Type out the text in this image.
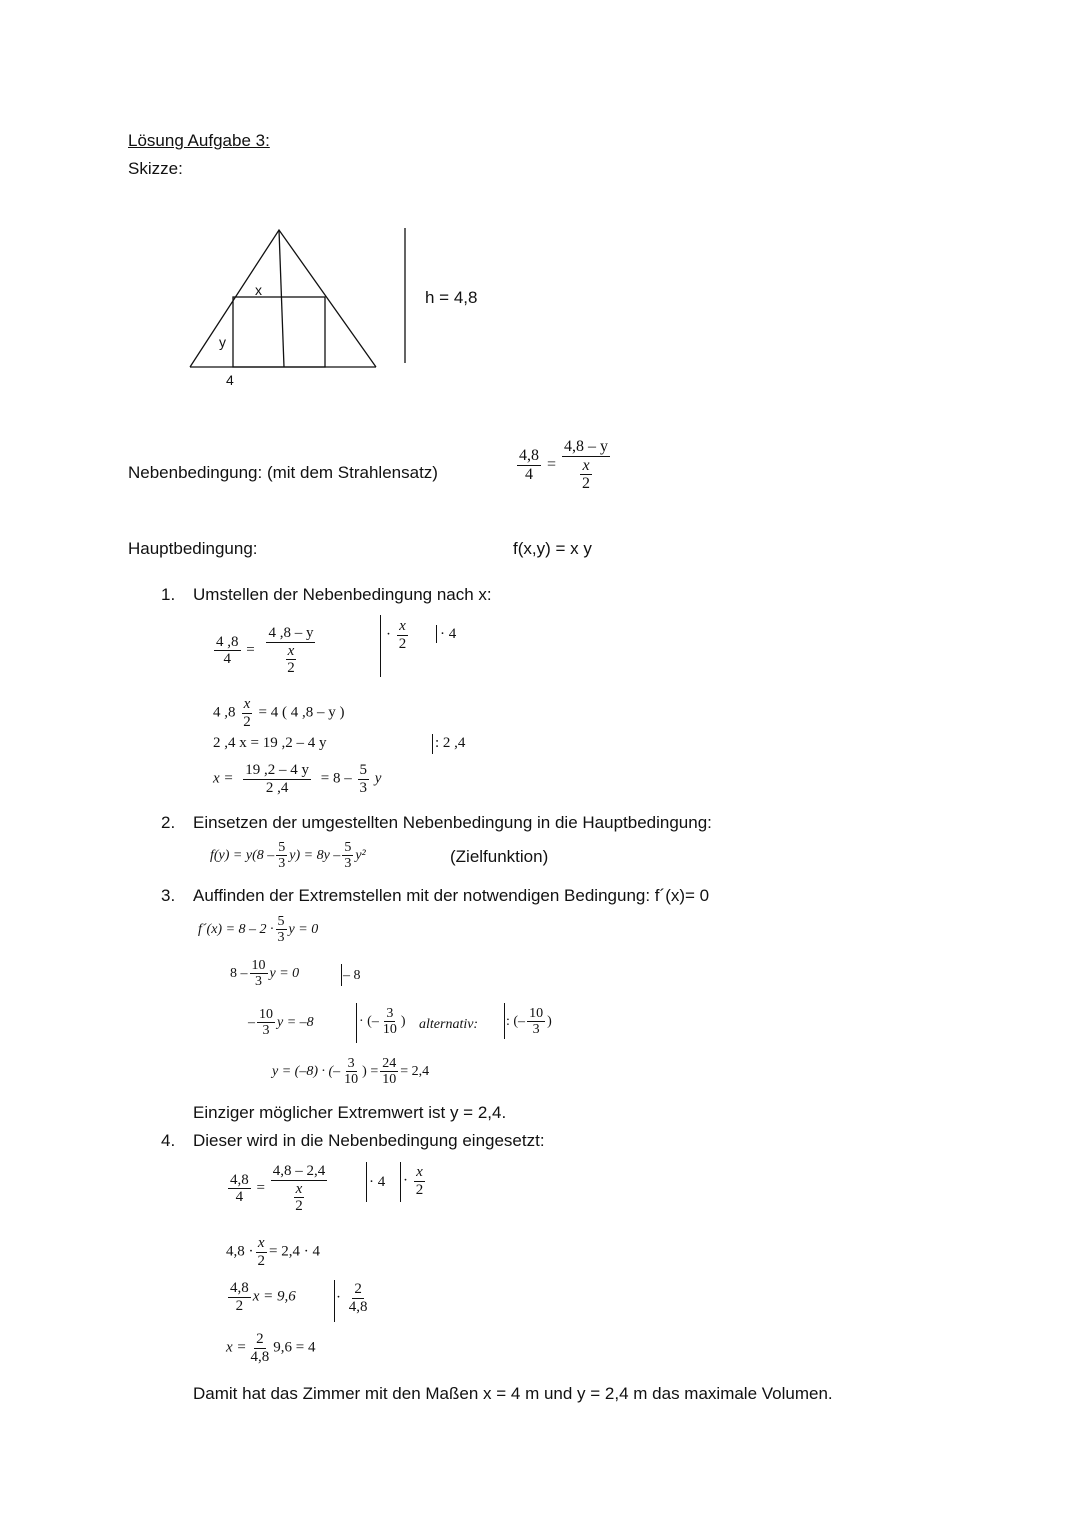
Lösung Aufgabe 3:
Skizze:
x
y
4
h = 4,8
Nebenbedingung: (mit dem Strahlensatz)	$\frac{4,8}{4} = \frac{4,8 - y}{\frac{x}{2}}$
Hauptbedingung:	f(x,y) = x y
1. Umstellen der Nebenbedingung nach x:
$\frac{4 ,8}{4} = \frac{4 ,8 - y}{\frac{x}{2}}$	· $\frac{x}{2} \cdot 4$
4 $,8 \frac{x}{2} = 4$ ( 4 ,8 – y )
2 ,4 x = 19 ,2 – 4 y	: 2 ,4
$x = \frac{19 ,2 - 4 y}{2 ,4} = 8 - \frac{5}{3}$ y
2. Einsetzen der umgestellten Nebenbedingung in die Hauptbedingung:
$f(y) = y(8 - \frac{5}{3} y) = 8y - \frac{5}{3} y^2$	(Zielfunktion)
3. Auffinden der Extremstellen mit der notwendigen Bedingung: f´(x)= 0
f´(x) = $8 - 2 \cdot \frac{5}{3}$ y = 0
$8 - \frac{10}{3}$ y = 0	– 8
– $\frac{10}{3}$ y = –8	· (– $\frac{3}{10}$ ) alternativ: : (– $\frac{10}{3}$ )
y = (–8) · (– $\frac{3}{10}$ ) = $\frac{24}{10} = 2,4$
Einziger möglicher Extremwert ist y = 2,4.
4. Dieser wird in die Nebenbedingung eingesetzt:
$\frac{4,8}{4} = \frac{4,8 - 2,4}{\frac{x}{2}}$	· $4 \cdot \frac{x}{2}$
$4,8 \cdot \frac{x}{2} = 2,4 \cdot 4$
$\frac{4,8}{2}$ x = 9,6	· $\frac{2}{4,8}$
$x = \frac{2}{4,8} 9,6 = 4$
Damit hat das Zimmer mit den Maßen x = 4 m und y = 2,4 m das maximale Volumen.
